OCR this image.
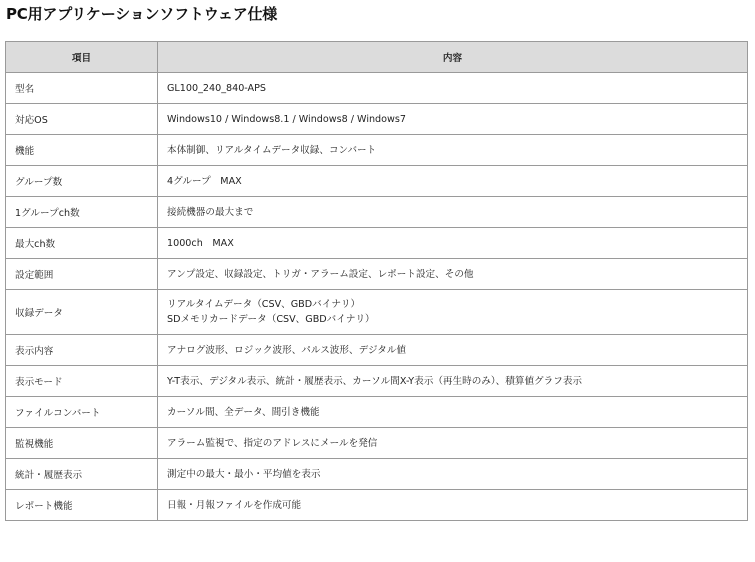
PC用アプリケーションソフトウェア仕様
項目	内容
型名	GL100_240_840-APS

対応OS	Windows10 / Windows8.1 / Windows8 / Windows7

機能	本体制御、リアルタイムデータ収録、コンバート

グループ数	4グループ　MAX

1グループch数	接続機器の最大まで

最大ch数	1000ch　MAX

設定範囲	アンプ設定、収録設定、トリガ・アラーム設定、レポート設定、その他

収録データ	リアルタイムデータ（CSV、GBDバイナリ）
SDメモリカードデータ（CSV、GBDバイナリ）

表示内容	アナログ波形、ロジック波形、パルス波形、デジタル値

表示モード	Y-T表示、デジタル表示、統計・履歴表示、カーソル間X-Y表示（再生時のみ）、積算値グラフ表示

ファイルコンバート	カーソル間、全データ、間引き機能

監視機能	アラーム監視で、指定のアドレスにメールを発信

統計・履歴表示	測定中の最大・最小・平均値を表示

レポート機能	日報・月報ファイルを作成可能
